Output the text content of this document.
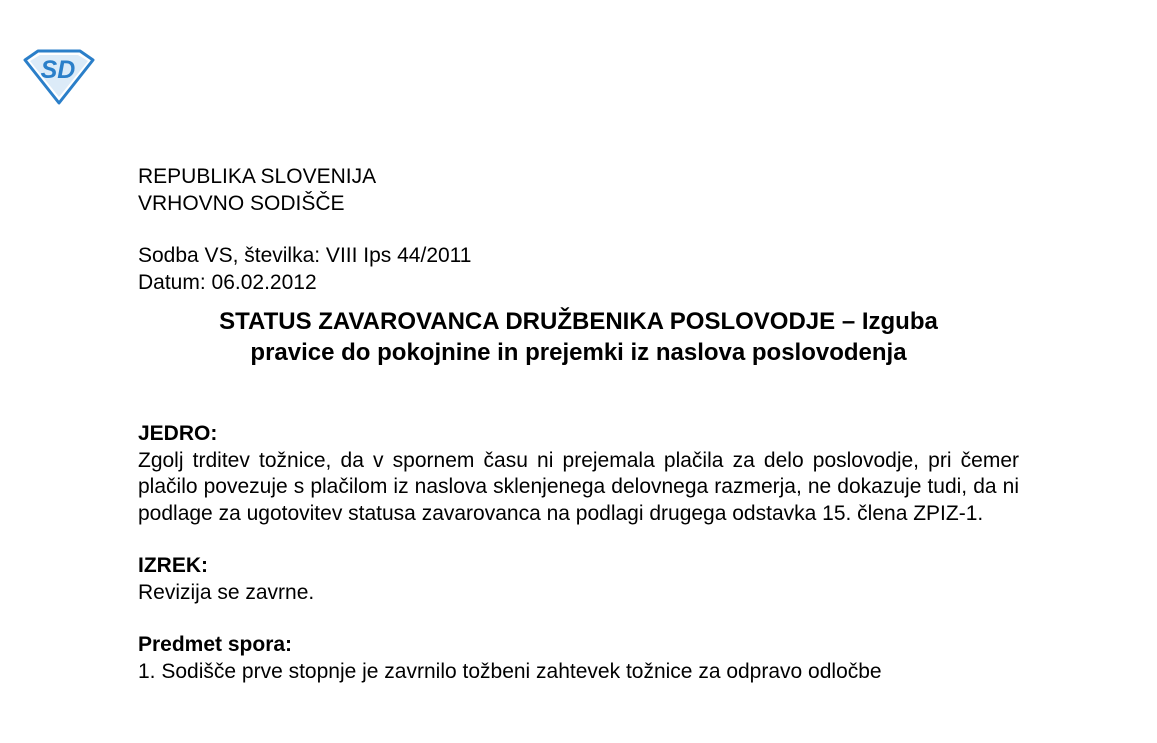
SD

REPUBLIKA SLOVENIJA

VRHOVNO SODIŠČE

Sodba VS, številka: VIII Ips 44/2011

Datum: 06.02.2012

STATUS ZAVAROVANCA DRUŽBENIKA POSLOVODJE – Izguba
pravice do pokojnine in prejemki iz naslova poslovodenja

JEDRO:

Zgolj trditev tožnice, da v spornem času ni prejemala plačila za delo poslovodje, pri čemer plačilo povezuje s plačilom iz naslova sklenjenega delovnega razmerja, ne dokazuje tudi, da ni podlage za ugotovitev statusa zavarovanca na podlagi drugega odstavka 15. člena ZPIZ-1.

IZREK:

Revizija se zavrne.

Predmet spora:

1. Sodišče prve stopnje je zavrnilo tožbeni zahtevek tožnice za odpravo odločbe
